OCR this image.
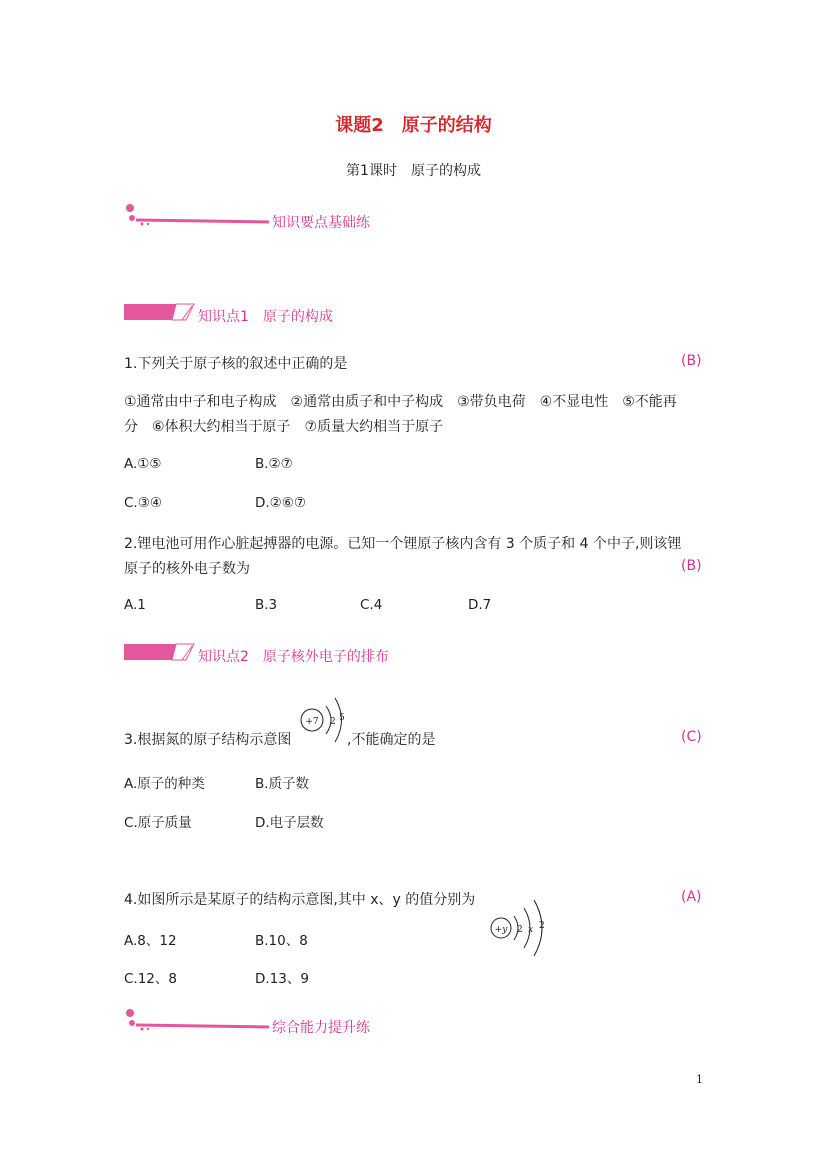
课题2　原子的结构
第1课时　原子的构成
知识要点基础练
知识点1　原子的构成
1.下列关于原子核的叙述中正确的是	(B)
①通常由中子和电子构成　②通常由质子和中子构成　③带负电荷　④不显电性　⑤不能再
分　⑥体积大约相当于原子　⑦质量大约相当于原子
A.①⑤	B.②⑦
C.③④	D.②⑥⑦
2.锂电池可用作心脏起搏器的电源。已知一个锂原子核内含有 3 个质子和 4 个中子,则该锂
原子的核外电子数为	(B)
A.1	B.3	C.4	D.7
知识点2　原子核外电子的排布
3.根据氮的原子结构示意图
+7 2 5
,不能确定的是	(C)
A.原子的种类	B.质子数
C.原子质量	D.电子层数
4.如图所示是某原子的结构示意图,其中 x、y 的值分别为	(A)
+y 2 x 2
A.8、12	B.10、8
C.12、8	D.13、9
综合能力提升练
1
